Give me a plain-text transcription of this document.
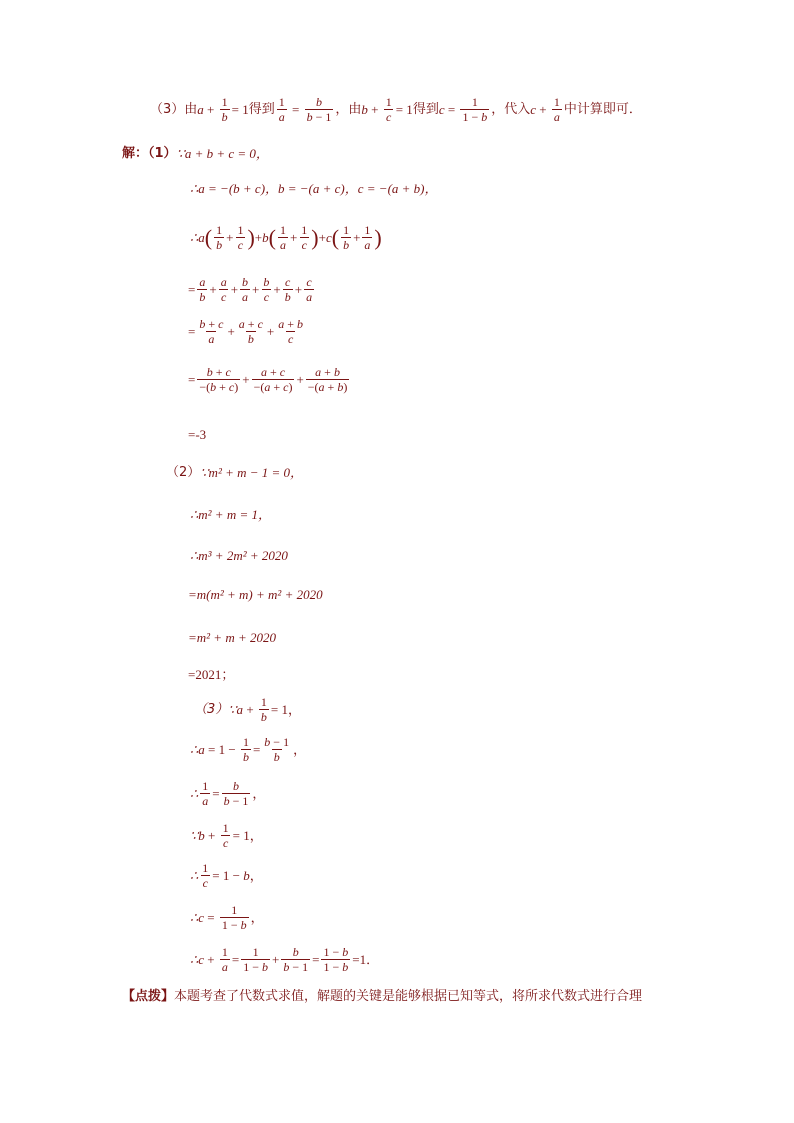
（3）由 $a + \frac{1}{b} = 1$ 得到 $\frac{1}{a} = \frac{b}{b - 1}$ ，由 $b + \frac{1}{c} = 1$ 得到 $c = \frac{1}{1 - b}$ ，代入 $c + \frac{1}{a}$ 中计算即可．
解：（1） ∵a + b + c = 0，
∴a = −(b + c)，b = −(a + c)，c = −(a + b)，
∴a ( $\frac{1}{b} + \frac{1}{c}$ ) + b ( $\frac{1}{a} + \frac{1}{c}$ ) + c ( $\frac{1}{b} + \frac{1}{a}$ )
= $\frac{a}{b} + \frac{a}{c} + \frac{b}{a} + \frac{b}{c} + \frac{c}{b} + \frac{c}{a}$
= $\frac{b + c}{a} + \frac{a + c}{b} + \frac{a + b}{c}$
= $\frac{b + c}{-(b + c)} + \frac{a + c}{-(a + c)} + \frac{a + b}{-(a + b)}$
=-3
（2） ∵m² + m − 1 = 0，
∴m² + m = 1，
∴m³ + 2m² + 2020
=m(m² + m) + m² + 2020
=m² + m + 2020
=2021；
（3） ∵a + $\frac{1}{b} = 1$，
∴a = $1 - \frac{1}{b} = \frac{b - 1}{b}$ ，
∴ $\frac{1}{a} = \frac{b}{b - 1}$ ，
∵b + $\frac{1}{c} = 1$，
∴ $\frac{1}{c} = 1 - b$ ，
∴c = $\frac{1}{1 - b}$ ，
∴c + $\frac{1}{a} = \frac{1}{1 - b} + \frac{b}{b - 1} = \frac{1 - b}{1 - b} =1$．
【点拨】 本题考查了代数式求值，解题的关键是能够根据已知等式，将所求代数式进行合理
